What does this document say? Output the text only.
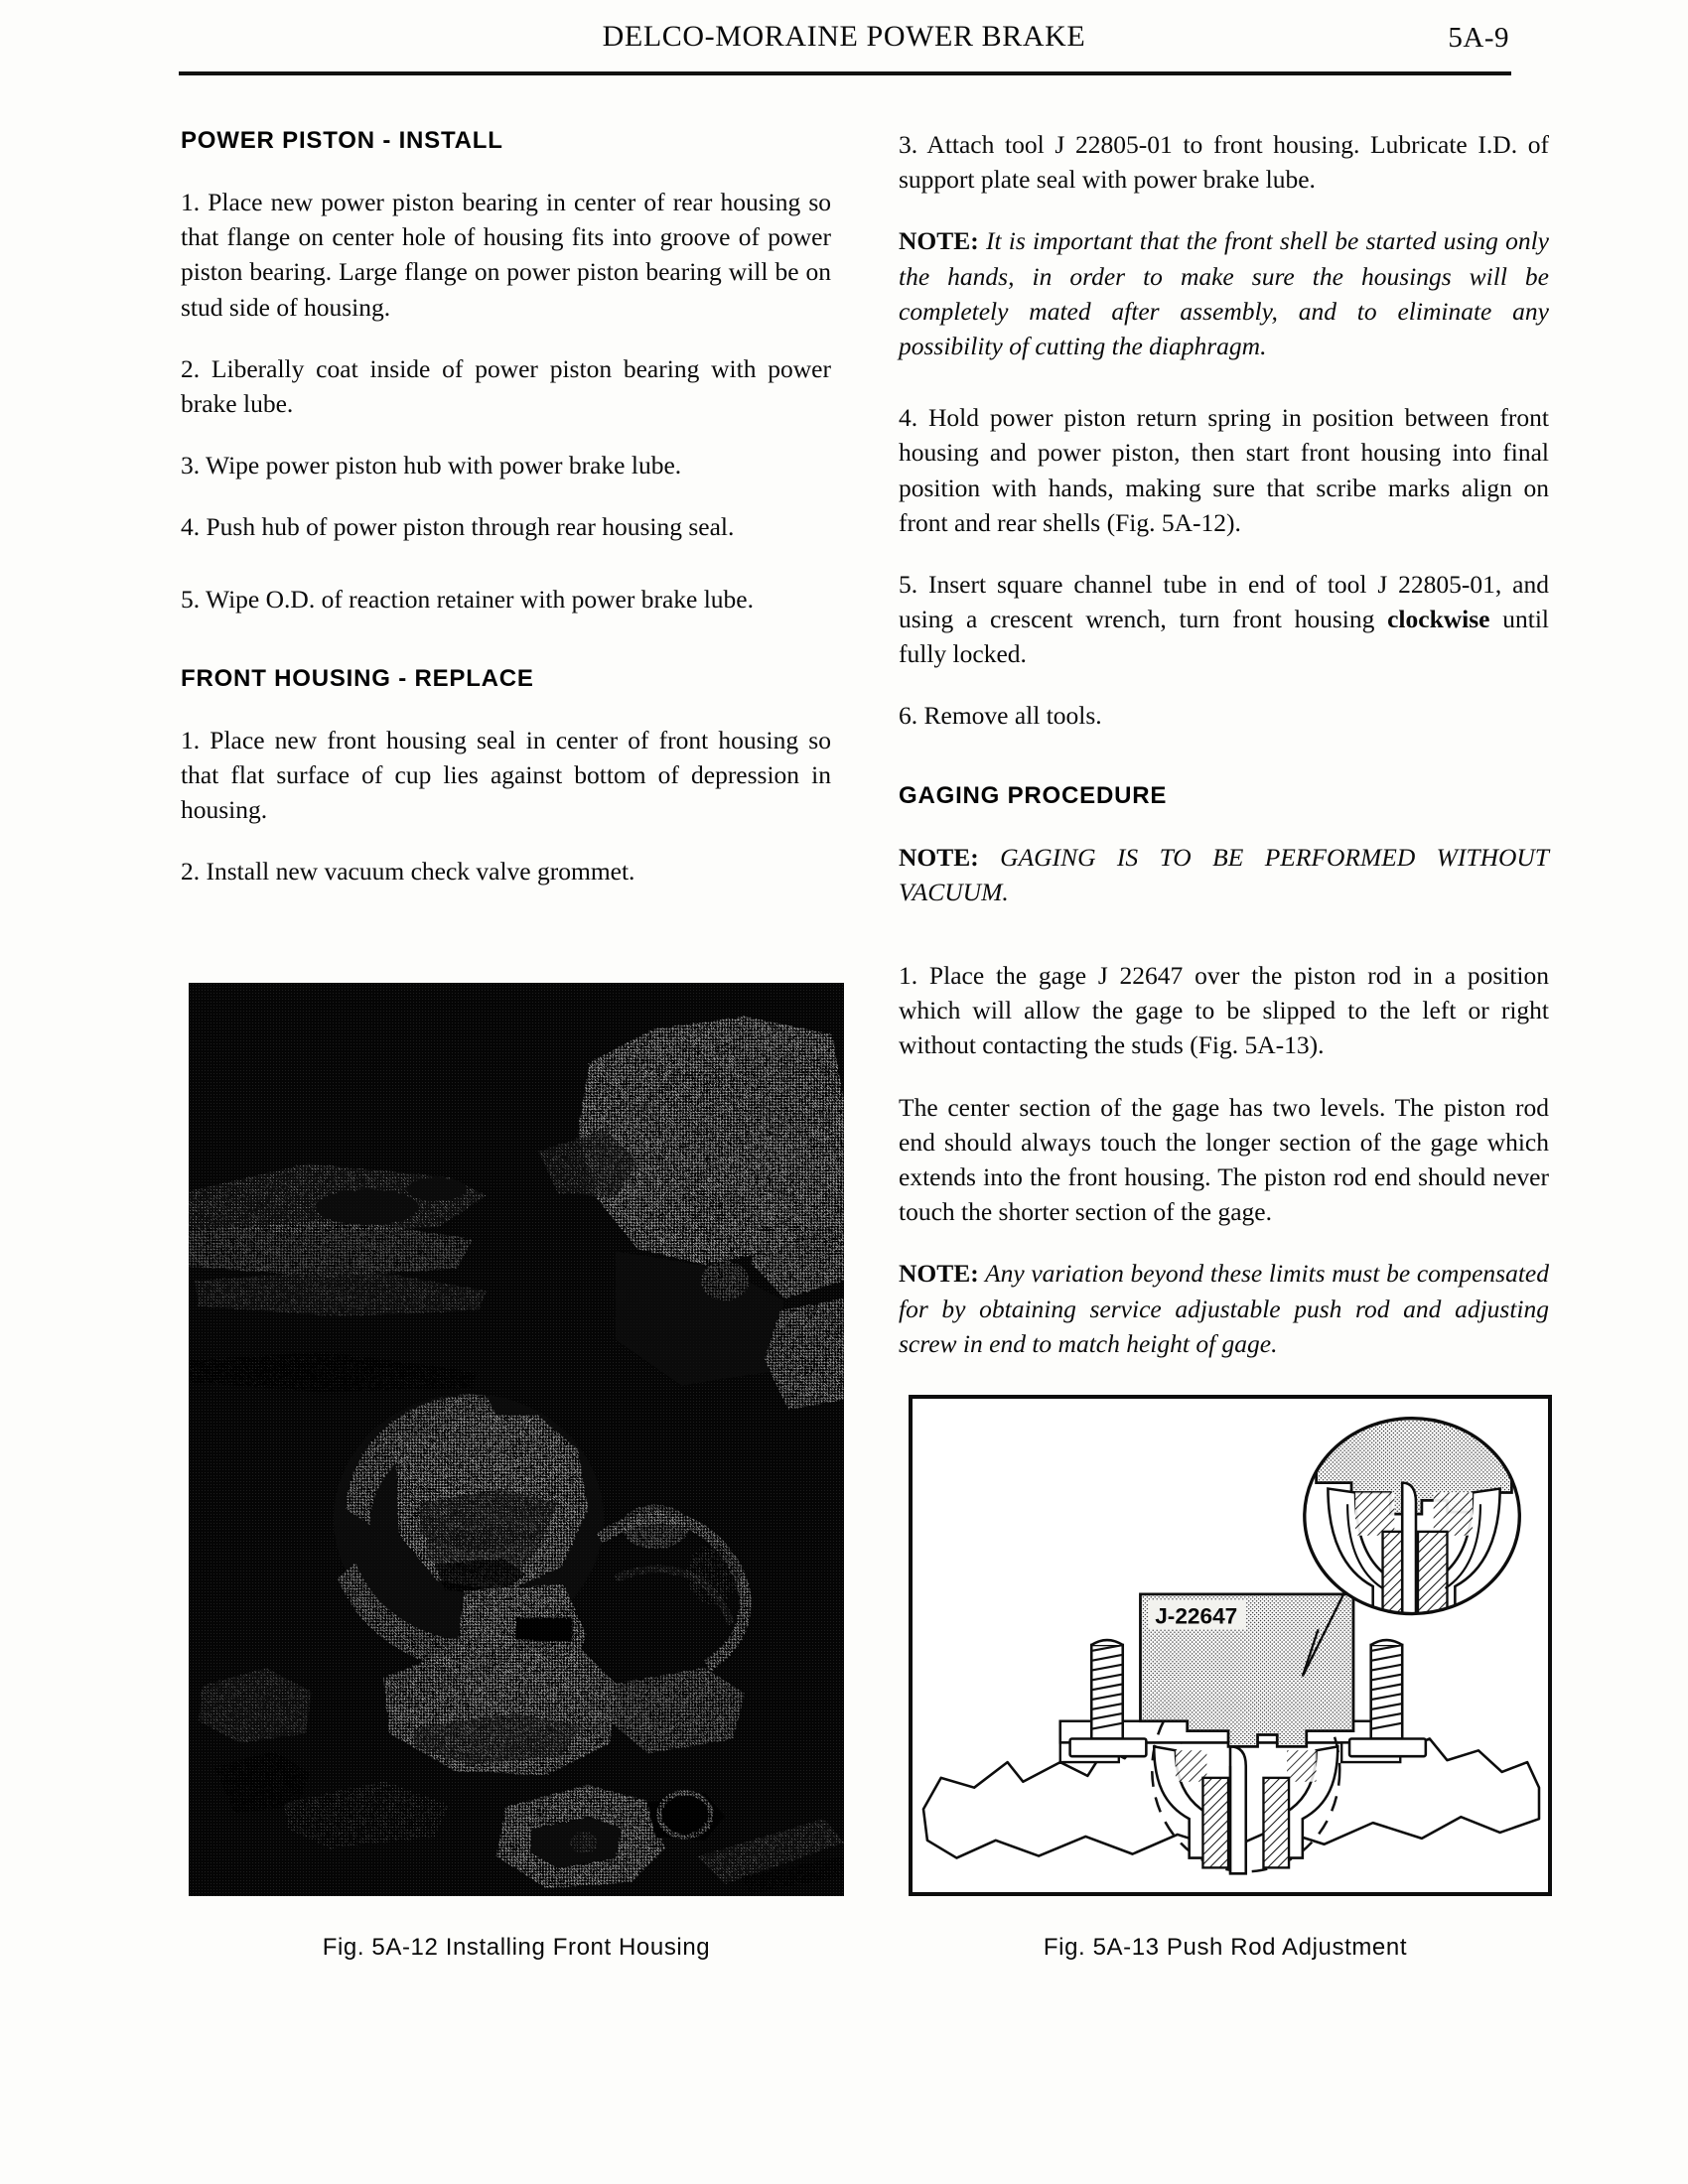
DELCO-MORAINE POWER BRAKE	5A-9
POWER PISTON - INSTALL

1. Place new power piston bearing in center of rear housing so that flange on center hole of housing fits into groove of power piston bearing. Large flange on power piston bearing will be on stud side of housing.

2. Liberally coat inside of power piston bearing with power brake lube.

3. Wipe power piston hub with power brake lube.

4. Push hub of power piston through rear housing seal.

5. Wipe O.D. of reaction retainer with power brake lube.

FRONT HOUSING - REPLACE

1. Place new front housing seal in center of front housing so that flat surface of cup lies against bottom of depression in housing.

2. Install new vacuum check valve grommet.

3. Attach tool J 22805-01 to front housing. Lubricate I.D. of support plate seal with power brake lube.

NOTE: It is important that the front shell be started using only the hands, in order to make sure the housings will be completely mated after assembly, and to eliminate any possibility of cutting the diaphragm.

4. Hold power piston return spring in position between front housing and power piston, then start front housing into final position with hands, making sure that scribe marks align on front and rear shells (Fig. 5A-12).

5. Insert square channel tube in end of tool J 22805-01, and using a crescent wrench, turn front housing clockwise until fully locked.

6. Remove all tools.

GAGING PROCEDURE

NOTE: GAGING IS TO BE PERFORMED WITHOUT VACUUM.

1. Place the gage J 22647 over the piston rod in a position which will allow the gage to be slipped to the left or right without contacting the studs (Fig. 5A-13).

The center section of the gage has two levels. The piston rod end should always touch the longer section of the gage which extends into the front housing. The piston rod end should never touch the shorter section of the gage.

NOTE: Any variation beyond these limits must be compensated for by obtaining service adjustable push rod and adjusting screw in end to match height of gage.

J-22647
Fig. 5A-12 Installing Front Housing	Fig. 5A-13 Push Rod Adjustment
